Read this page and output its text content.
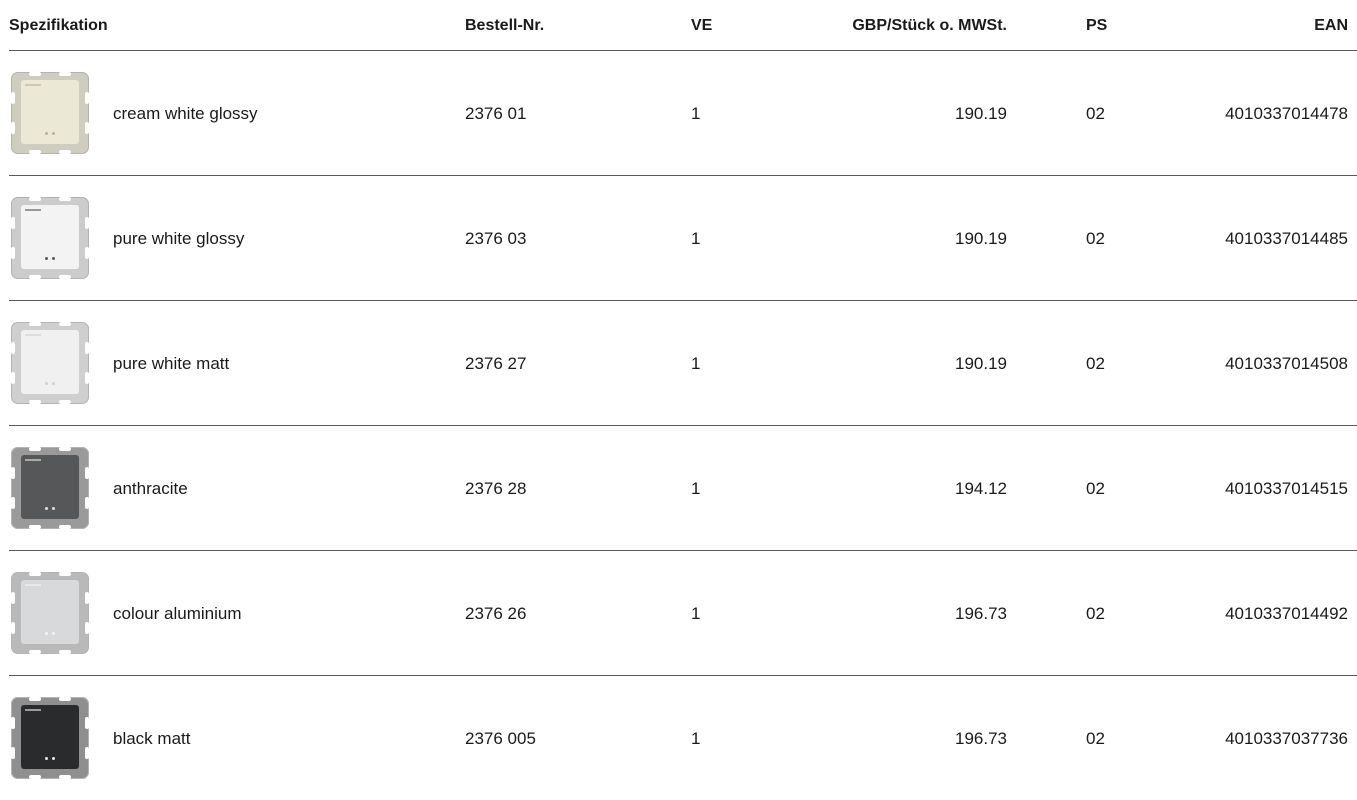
Spezifikation	Bestell-Nr.	VE	GBP/Stück o. MWSt.	PS	EAN
cream white glossy	2376 01	1	190.19	02	4010337014478
pure white glossy	2376 03	1	190.19	02	4010337014485
pure white matt	2376 27	1	190.19	02	4010337014508
anthracite	2376 28	1	194.12	02	4010337014515
colour aluminium	2376 26	1	196.73	02	4010337014492
black matt	2376 005	1	196.73	02	4010337037736
